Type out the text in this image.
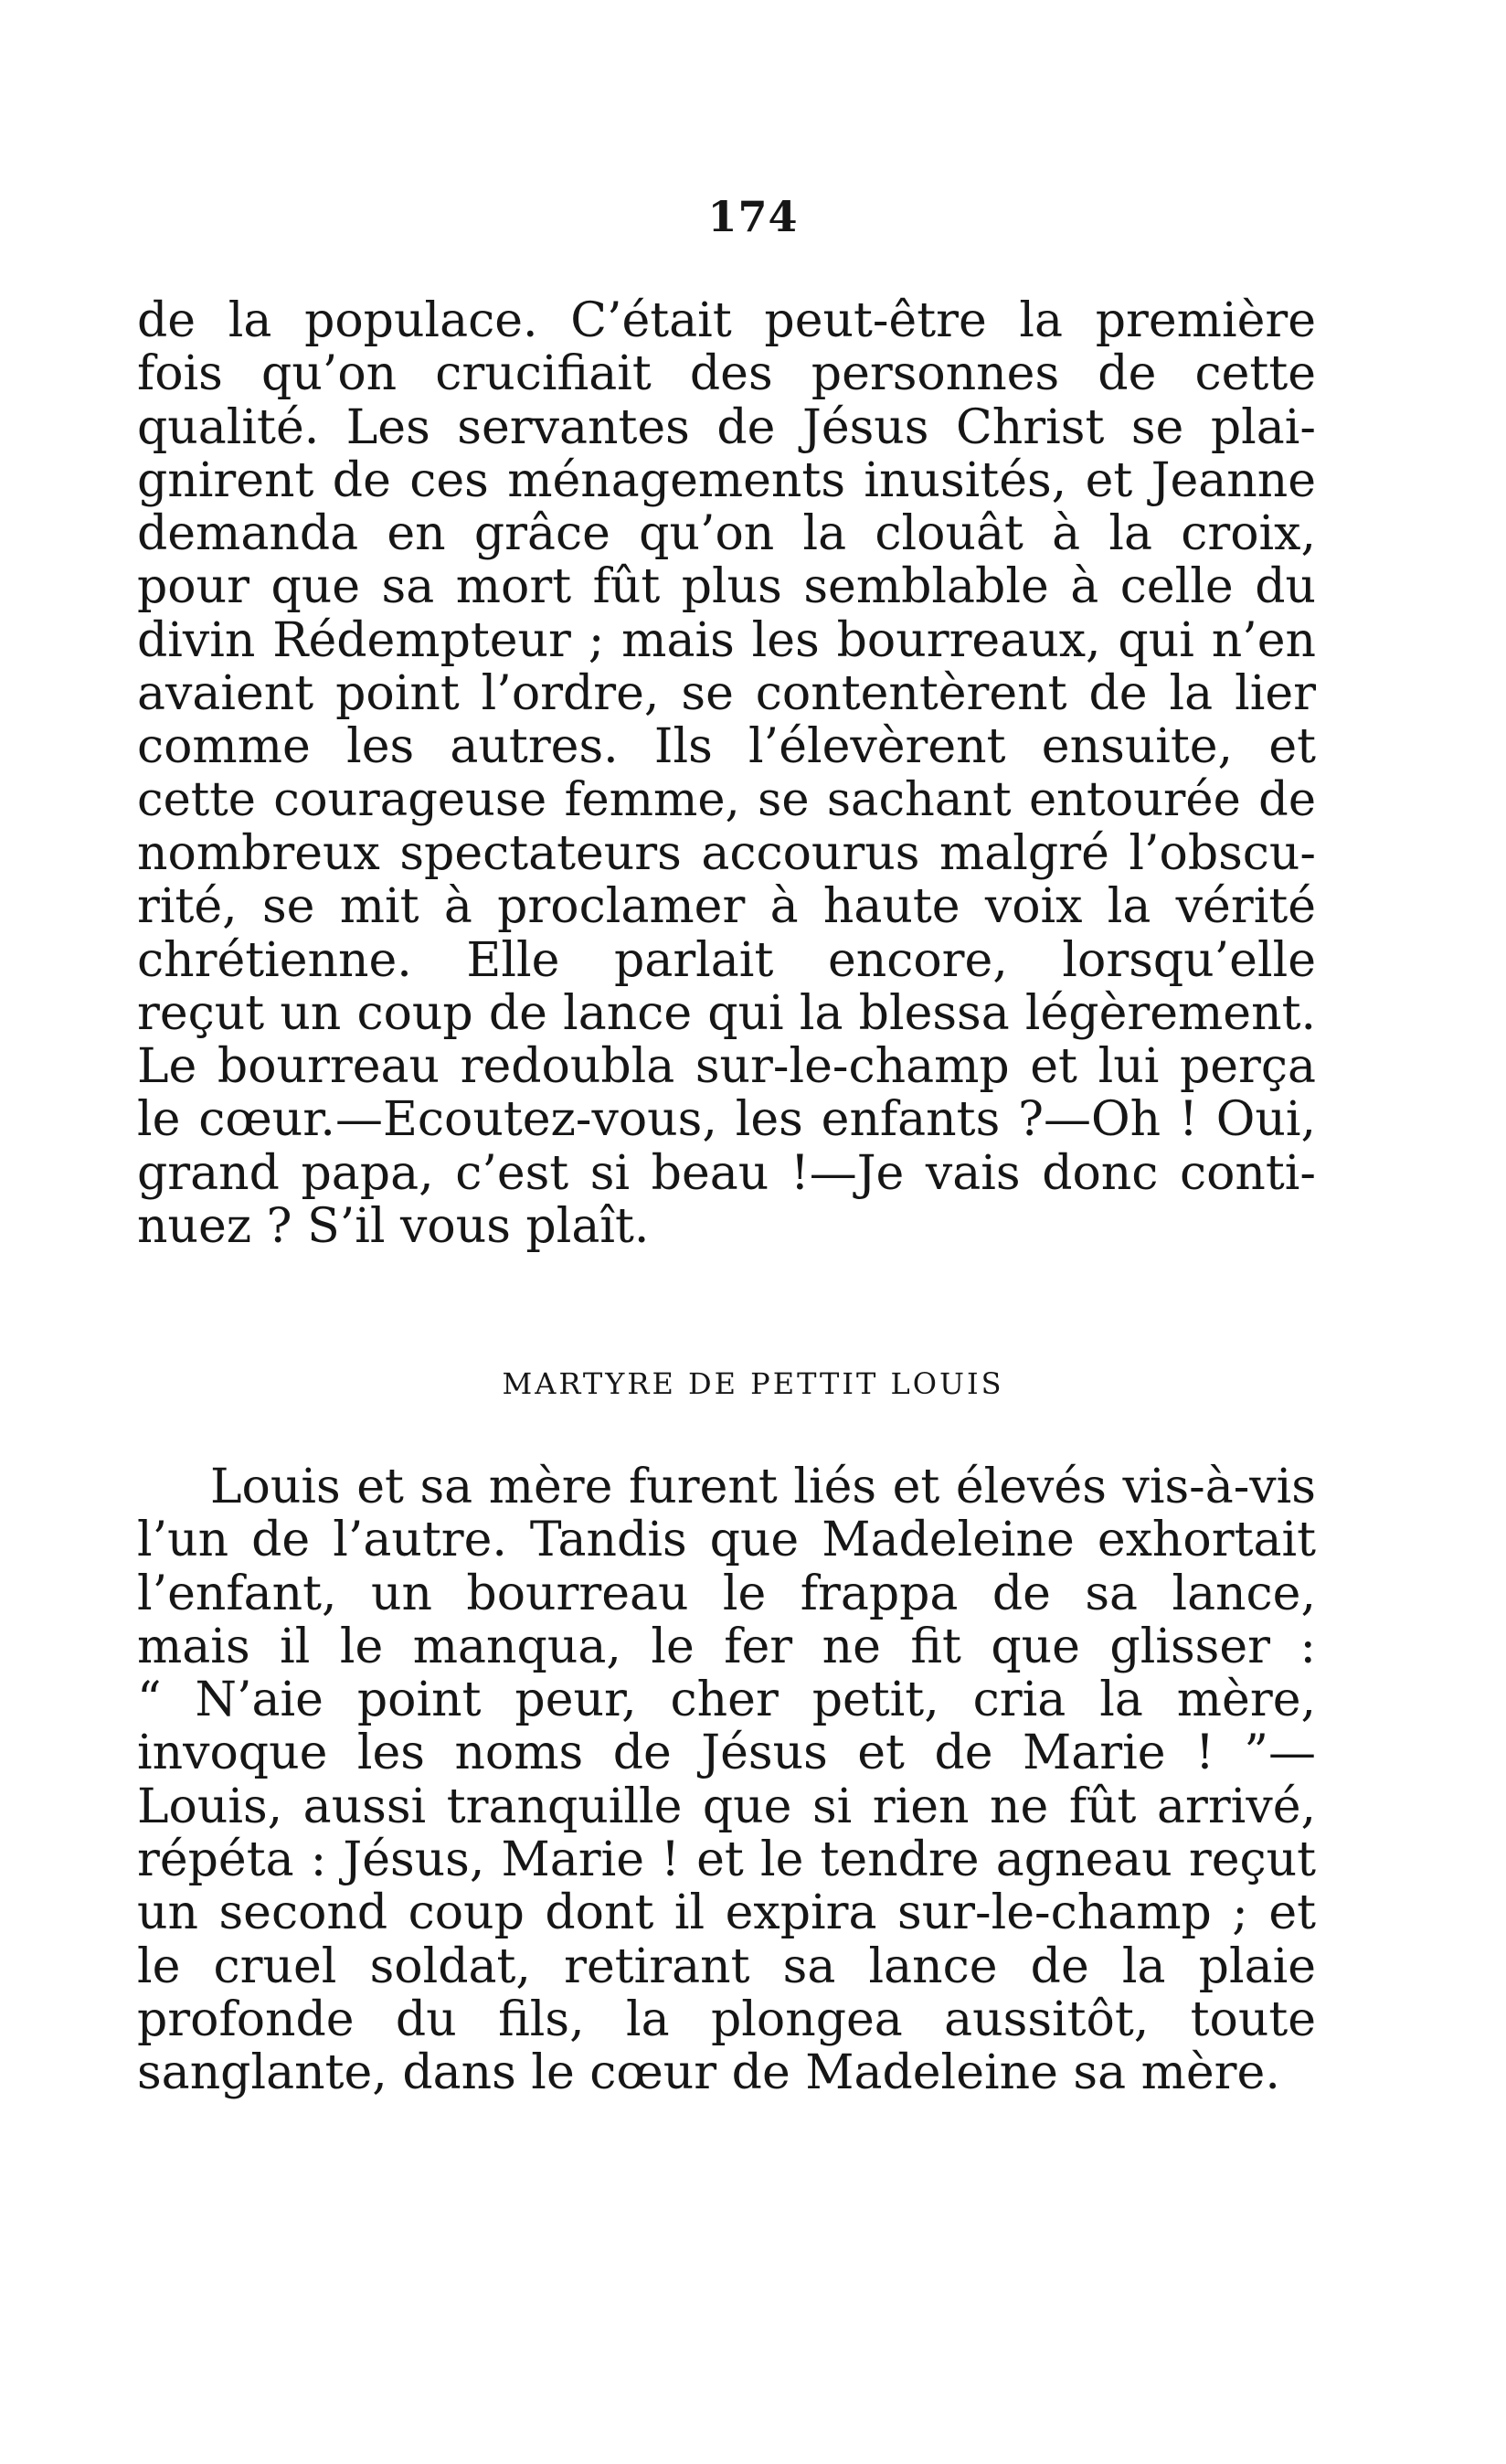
174
de la populace. C’était peut-être la première
fois qu’on crucifiait des personnes de cette
qualité. Les servantes de Jésus Christ se plai-
gnirent de ces ménagements inusités, et Jeanne
demanda en grâce qu’on la clouât à la croix,
pour que sa mort fût plus semblable à celle du
divin Rédempteur ; mais les bourreaux, qui n’en
avaient point l’ordre, se contentèrent de la lier
comme les autres. Ils l’élevèrent ensuite, et
cette courageuse femme, se sachant entourée de
nombreux spectateurs accourus malgré l’obscu-
rité, se mit à proclamer à haute voix la vérité
chrétienne. Elle parlait encore, lorsqu’elle
reçut un coup de lance qui la blessa légèrement.
Le bourreau redoubla sur-le-champ et lui perça
le cœur.—Ecoutez-vous, les enfants ?—Oh ! Oui,
grand papa, c’est si beau !—Je vais donc conti-
nuez ? S’il vous plaît.
MARTYRE DE PETTIT LOUIS
Louis et sa mère furent liés et élevés vis-à-vis
l’un de l’autre. Tandis que Madeleine exhortait
l’enfant, un bourreau le frappa de sa lance,
mais il le manqua, le fer ne fit que glisser :
“ N’aie point peur, cher petit, cria la mère,
invoque les noms de Jésus et de Marie ! ”—
Louis, aussi tranquille que si rien ne fût arrivé,
répéta : Jésus, Marie ! et le tendre agneau reçut
un second coup dont il expira sur-le-champ ; et
le cruel soldat, retirant sa lance de la plaie
profonde du fils, la plongea aussitôt, toute
sanglante, dans le cœur de Madeleine sa mère.
